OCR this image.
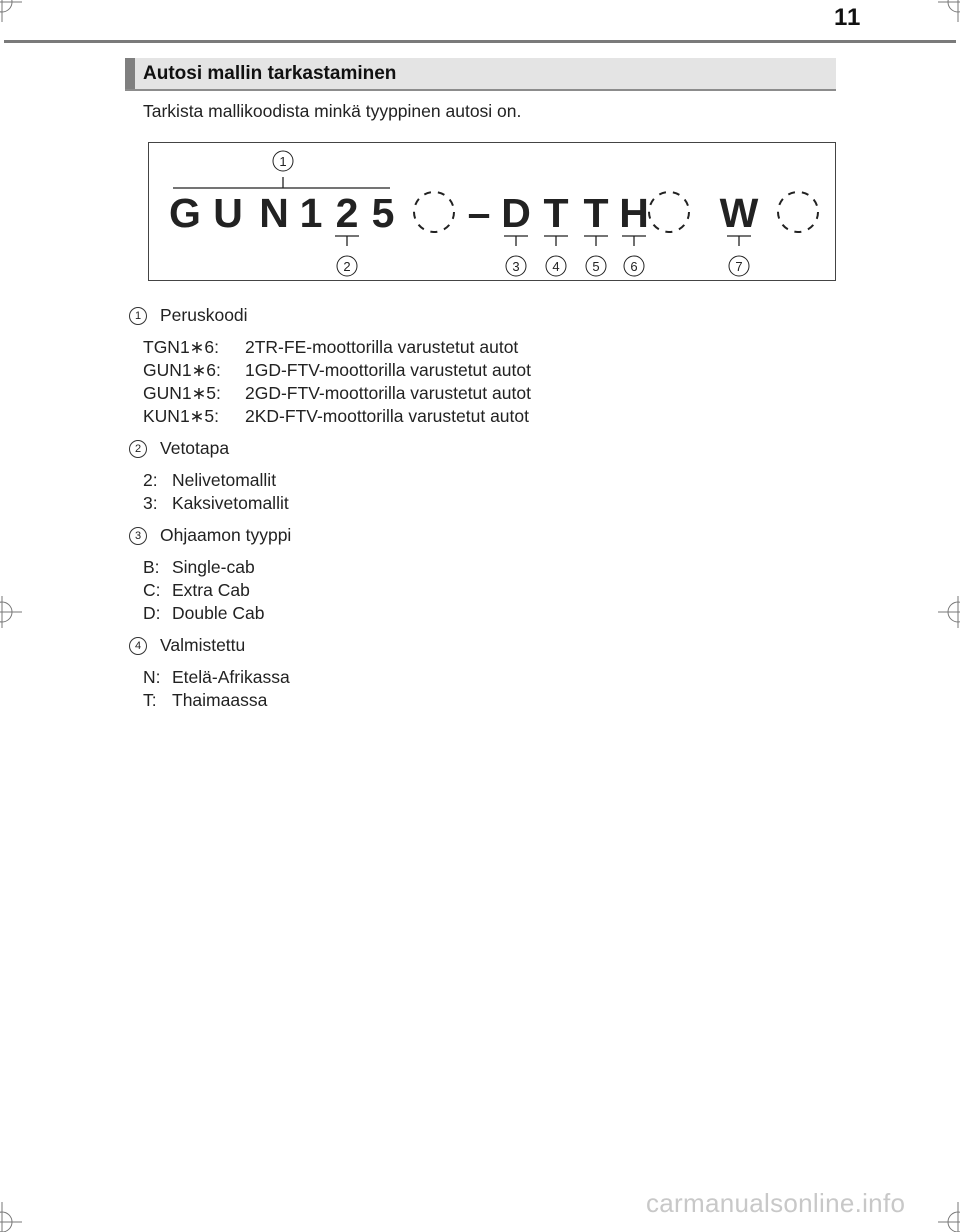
11
Autosi mallin tarkastaminen
Tarkista mallikoodista minkä tyyppinen autosi on.
G U N 1 2 5 – D T T H W
1
2	3	4	5 6	7
1	Peruskoodi
TGN1∗6:	2TR-FE-moottorilla varustetut autot
GUN1∗6:	1GD-FTV-moottorilla varustetut autot
GUN1∗5:	2GD-FTV-moottorilla varustetut autot
KUN1∗5:	2KD-FTV-moottorilla varustetut autot
2	Vetotapa
2: Nelivetomallit
3: Kaksivetomallit
3	Ohjaamon tyyppi
B: Single-cab
C: Extra Cab
D: Double Cab
4	Valmistettu
N: Etelä-Afrikassa
T: Thaimaassa
carmanualsonline.info
